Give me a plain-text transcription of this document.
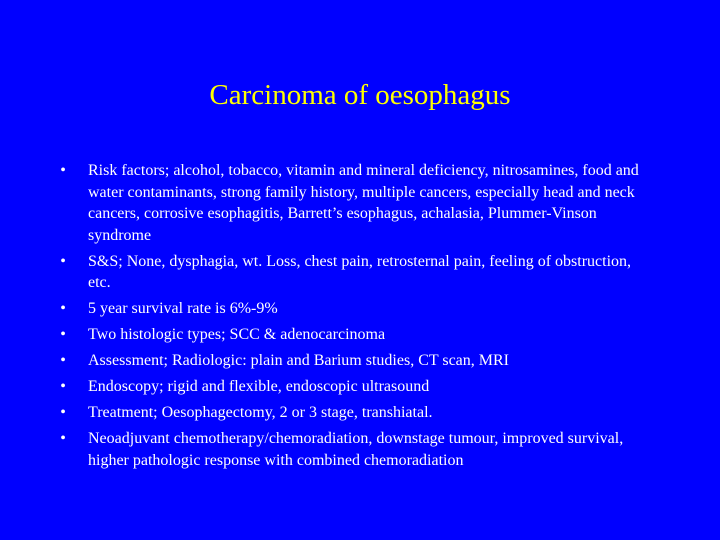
Carcinoma of oesophagus
• Risk factors; alcohol, tobacco, vitamin and mineral deficiency, nitrosamines, food and water contaminants, strong family history, multiple cancers, especially head and neck cancers, corrosive esophagitis, Barrett’s esophagus, achalasia, Plummer-Vinson syndrome
• S&S; None, dysphagia, wt. Loss, chest pain, retrosternal pain, feeling of obstruction, etc.
• 5 year survival rate is 6%-9%
• Two histologic types; SCC & adenocarcinoma
• Assessment; Radiologic: plain and Barium studies, CT scan, MRI
• Endoscopy; rigid and flexible, endoscopic ultrasound
• Treatment; Oesophagectomy, 2 or 3 stage, transhiatal.
• Neoadjuvant chemotherapy/chemoradiation, downstage tumour, improved survival, higher pathologic response with combined chemoradiation
